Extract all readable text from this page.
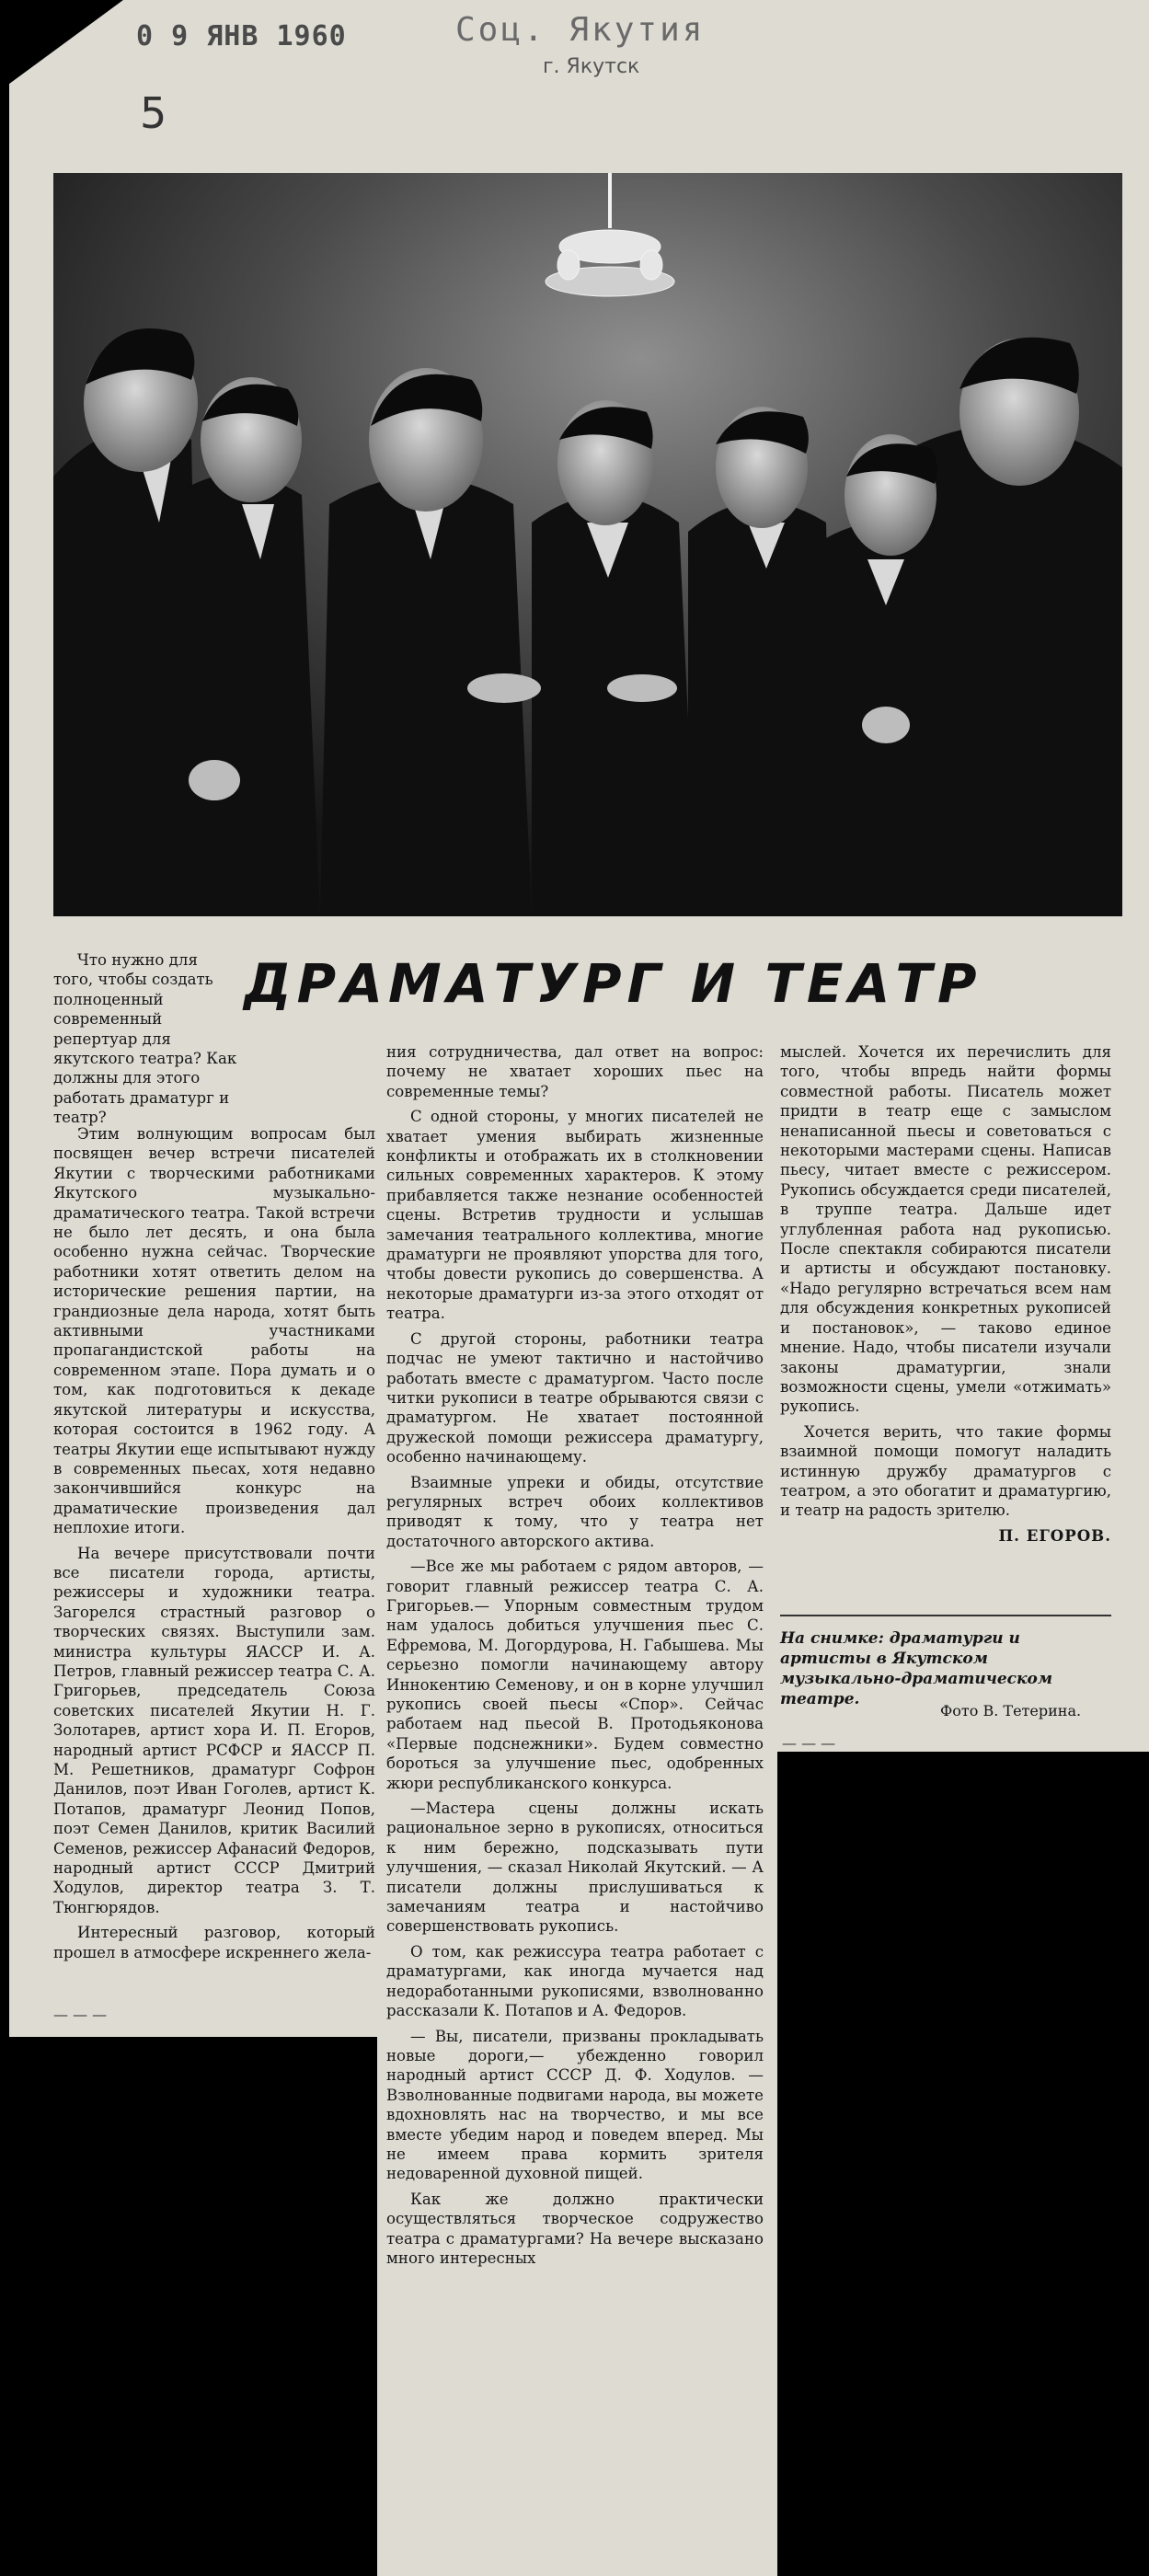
0 9 ЯНВ 1960	Соц. Якутия
г. Якутск
5
ДРАМАТУРГ И ТЕАТР

Что нужно для того, чтобы создать полноценный современный репертуар для якутского театра? Как должны для этого работать драматург и театр?

Этим волнующим вопросам был посвящен вечер встречи писателей Якутии с творческими работниками Якутского музыкально-драматического театра. Такой встречи не было лет десять, и она была особенно нужна сейчас. Творческие работники хотят ответить делом на исторические решения партии, на грандиозные дела народа, хотят быть активными участниками пропагандистской работы на современном этапе. Пора думать и о том, как подготовиться к декаде якутской литературы и искусства, которая состоится в 1962 году. А театры Якутии еще испытывают нужду в современных пьесах, хотя недавно закончившийся конкурс на драматические произведения дал неплохие итоги.

На вечере присутствовали почти все писатели города, артисты, режиссеры и художники театра. Загорелся страстный разговор о творческих связях. Выступили зам. министра культуры ЯАССР И. А. Петров, главный режиссер театра С. А. Григорьев, председатель Союза советских писателей Якутии Н. Г. Золотарев, артист хора И. П. Егоров, народный артист РСФСР и ЯАССР П. М. Решетников, драматург Софрон Данилов, поэт Иван Гоголев, артист К. Потапов, драматург Леонид Попов, поэт Семен Данилов, критик Василий Семенов, режиссер Афанасий Федоров, народный артист СССР Дмитрий Ходулов, директор театра З. Т. Тюнгюрядов.

Интересный разговор, который прошел в атмосфере искреннего жела-

ния сотрудничества, дал ответ на вопрос: почему не хватает хороших пьес на современные темы?

С одной стороны, у многих писателей не хватает умения выбирать жизненные конфликты и отображать их в столкновении сильных современных характеров. К этому прибавляется также незнание особенностей сцены. Встретив трудности и услышав замечания театрального коллектива, многие драматурги не проявляют упорства для того, чтобы довести рукопись до совершенства. А некоторые драматурги из-за этого отходят от театра.

С другой стороны, работники театра подчас не умеют тактично и настойчиво работать вместе с драматургом. Часто после читки рукописи в театре обрываются связи с драматургом. Не хватает постоянной дружеской помощи режиссера драматургу, особенно начинающему.

Взаимные упреки и обиды, отсутствие регулярных встреч обоих коллективов приводят к тому, что у театра нет достаточного авторского актива.

—Все же мы работаем с рядом авторов, —говорит главный режиссер театра С. А. Григорьев.— Упорным совместным трудом нам удалось добиться улучшения пьес С. Ефремова, М. Догордурова, Н. Габышева. Мы серьезно помогли начинающему автору Иннокентию Семенову, и он в корне улучшил рукопись своей пьесы «Спор». Сейчас работаем над пьесой В. Протодьяконова «Первые подснежники». Будем совместно бороться за улучшение пьес, одобренных жюри республиканского конкурса.

—Мастера сцены должны искать рациональное зерно в рукописях, относиться к ним бережно, подсказывать пути улучшения, — сказал Николай Якутский. — А писатели должны прислушиваться к замечаниям театра и настойчиво совершенствовать рукопись.

О том, как режиссура театра работает с драматургами, как иногда мучается над недоработанными рукописями, взволнованно рассказали К. Потапов и А. Федоров.

— Вы, писатели, призваны прокладывать новые дороги,— убежденно говорил народный артист СССР Д. Ф. Ходулов. — Взволнованные подвигами народа, вы можете вдохновлять нас на творчество, и мы все вместе убедим народ и поведем вперед. Мы не имеем права кормить зрителя недоваренной духовной пищей.

Как же должно практически осуществляться творческое содружество театра с драматургами? На вечере высказано много интересных

мыслей. Хочется их перечислить для того, чтобы впредь найти формы совместной работы. Писатель может придти в театр еще с замыслом ненаписанной пьесы и советоваться с некоторыми мастерами сцены. Написав пьесу, читает вместе с режиссером. Рукопись обсуждается среди писателей, в труппе театра. Дальше идет углубленная работа над рукописью. После спектакля собираются писатели и артисты и обсуждают постановку. «Надо регулярно встречаться всем нам для обсуждения конкретных рукописей и постановок», — таково единое мнение. Надо, чтобы писатели изучали законы драматургии, знали возможности сцены, умели «отжимать» рукопись.

Хочется верить, что такие формы взаимной помощи помогут наладить истинную дружбу драматургов с театром, а это обогатит и драматургию, и театр на радость зрителю.

П. ЕГОРОВ.
— — —
— — —

На снимке: драматурги и артисты в Якутском музыкально-драматическом театре.

Фото В. Тетерина.
